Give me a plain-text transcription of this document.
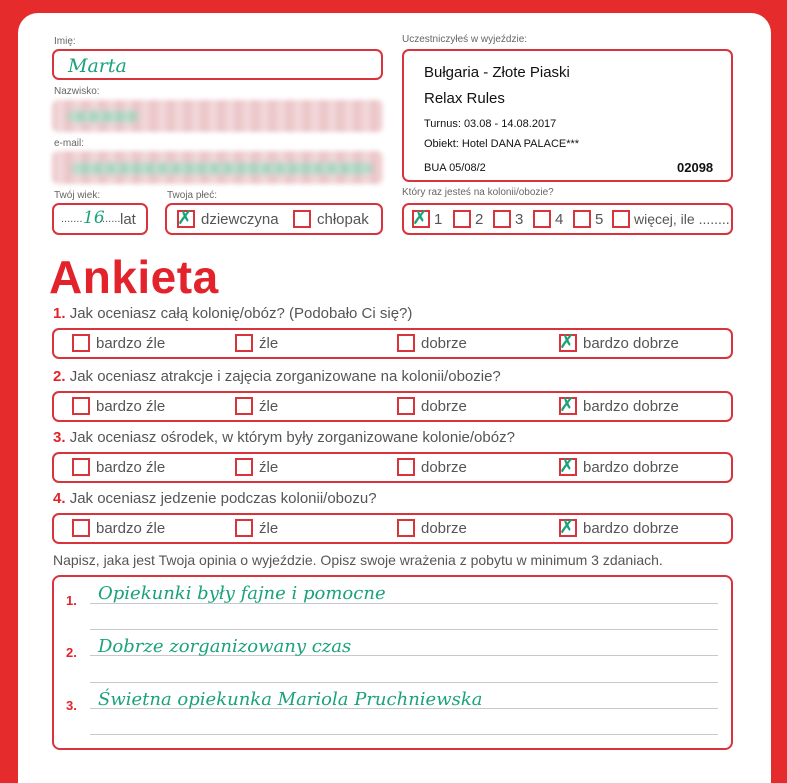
Imię:
Marta
Nazwisko:
e-mail:
Twój wiek:
....... 16
....... lat
Twoja płeć:
✗ dziewczyna	chłopak
Uczestniczyłeś w wyjeździe:
Bułgaria - Złote Piaski
Relax Rules
Turnus: 03.08 - 14.08.2017
Obiekt: Hotel DANA PALACE***
BUA 05/08/2	02098
Który raz jesteś na kolonii/obozie?
✗ 1 2 3 4 5 więcej, ile ........
Ankieta
1. Jak oceniasz całą kolonię/obóz? (Podobało Ci się?)
bardzo źle	źle	dobrze	✗ bardzo dobrze
2. Jak oceniasz atrakcje i zajęcia zorganizowane na kolonii/obozie?
bardzo źle	źle	dobrze	✗ bardzo dobrze
3. Jak oceniasz ośrodek, w którym były zorganizowane kolonie/obóz?
bardzo źle	źle	dobrze	✗ bardzo dobrze
4. Jak oceniasz jedzenie podczas kolonii/obozu?
bardzo źle	źle	dobrze	✗ bardzo dobrze
Napisz, jaka jest Twoja opinia o wyjeździe. Opisz swoje wrażenia z pobytu w minimum 3 zdaniach.
1. Opiekunki były fajne i pomocne
2. Dobrze zorganizowany czas
3. Świetna opiekunka Mariola Pruchniewska
